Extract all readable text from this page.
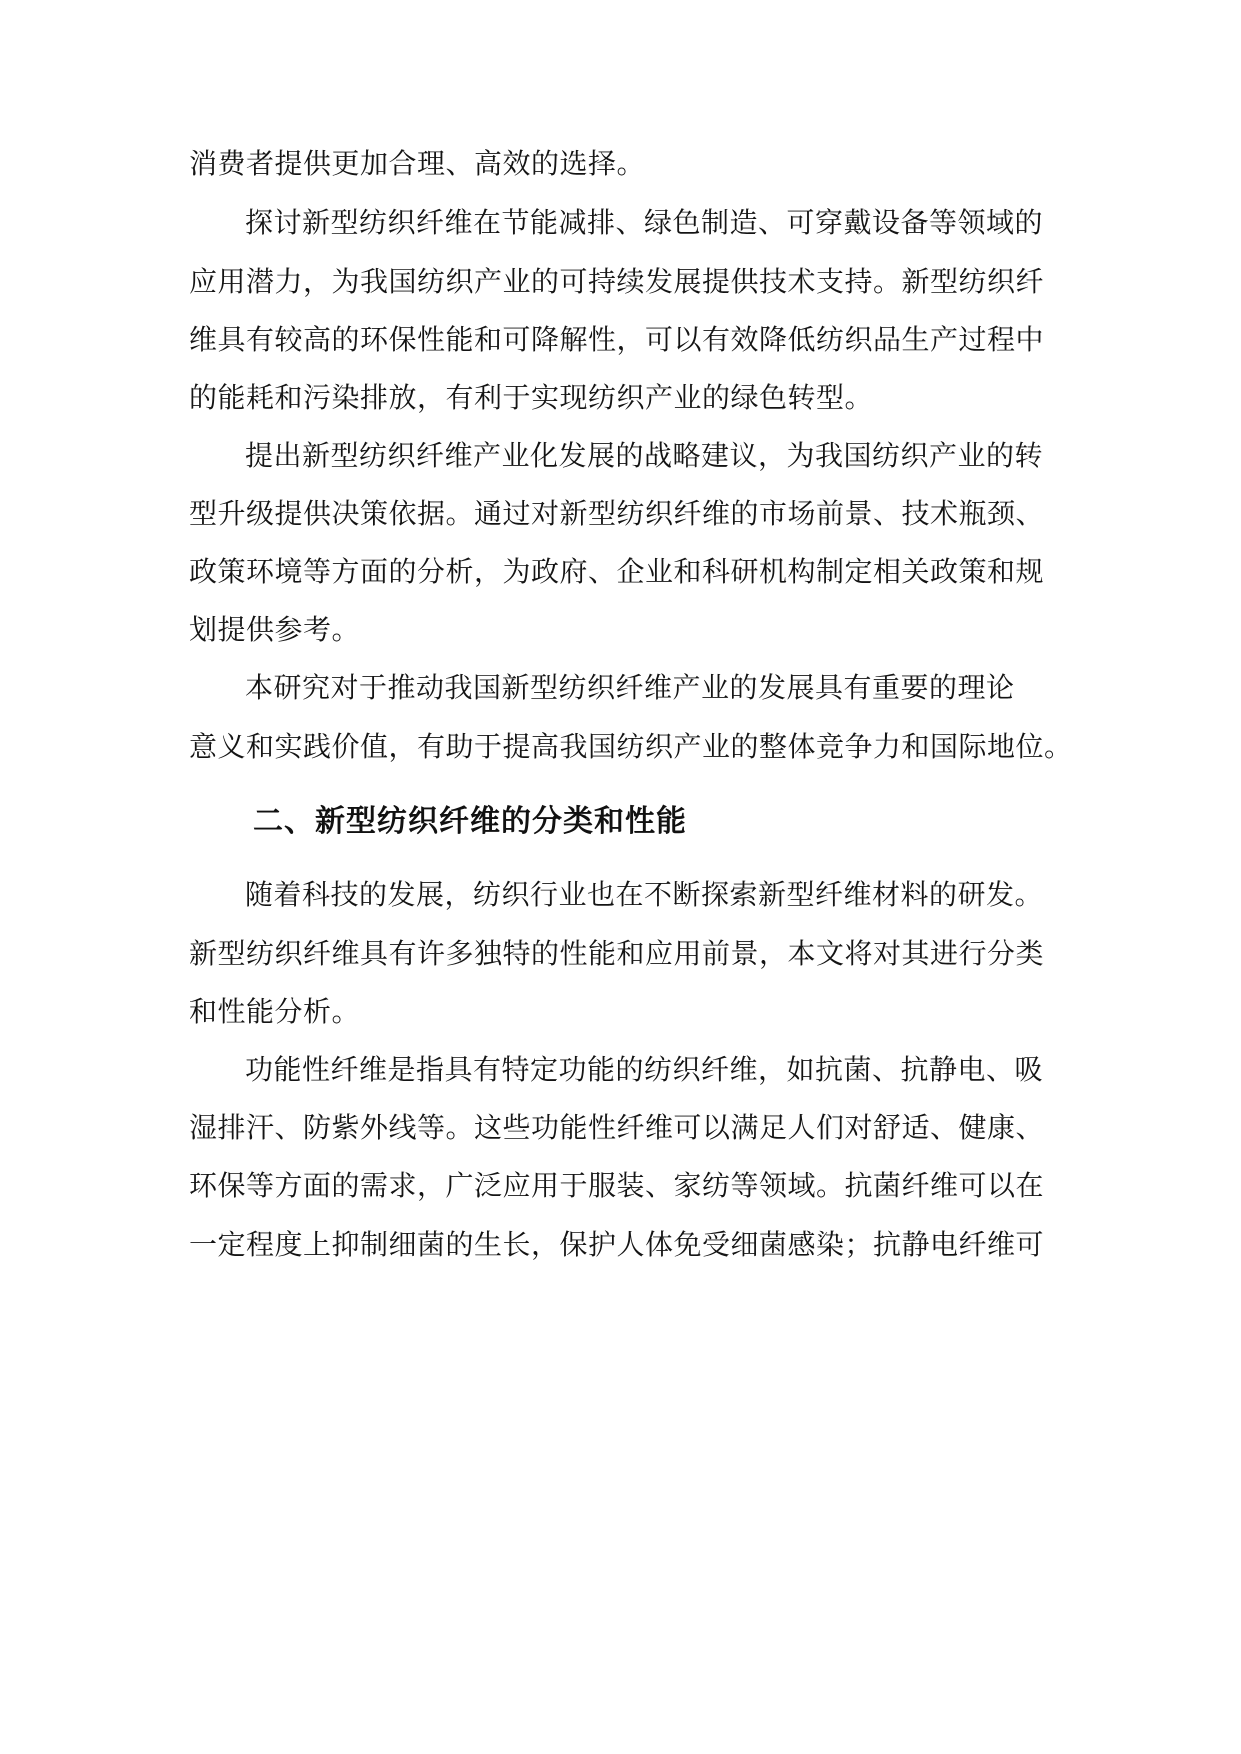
消费者提供更加合理、高效的选择。
探讨新型纺织纤维在节能减排、绿色制造、可穿戴设备等领域的
应用潜力，为我国纺织产业的可持续发展提供技术支持。新型纺织纤
维具有较高的环保性能和可降解性，可以有效降低纺织品生产过程中
的能耗和污染排放，有利于实现纺织产业的绿色转型。
提出新型纺织纤维产业化发展的战略建议，为我国纺织产业的转
型升级提供决策依据。通过对新型纺织纤维的市场前景、技术瓶颈、
政策环境等方面的分析，为政府、企业和科研机构制定相关政策和规
划提供参考。
本研究对于推动我国新型纺织纤维产业的发展具有重要的理论
意义和实践价值，有助于提高我国纺织产业的整体竞争力和国际地位。
二、新型纺织纤维的分类和性能
随着科技的发展，纺织行业也在不断探索新型纤维材料的研发。
新型纺织纤维具有许多独特的性能和应用前景，本文将对其进行分类
和性能分析。
功能性纤维是指具有特定功能的纺织纤维，如抗菌、抗静电、吸
湿排汗、防紫外线等。这些功能性纤维可以满足人们对舒适、健康、
环保等方面的需求，广泛应用于服装、家纺等领域。抗菌纤维可以在
一定程度上抑制细菌的生长，保护人体免受细菌感染；抗静电纤维可
